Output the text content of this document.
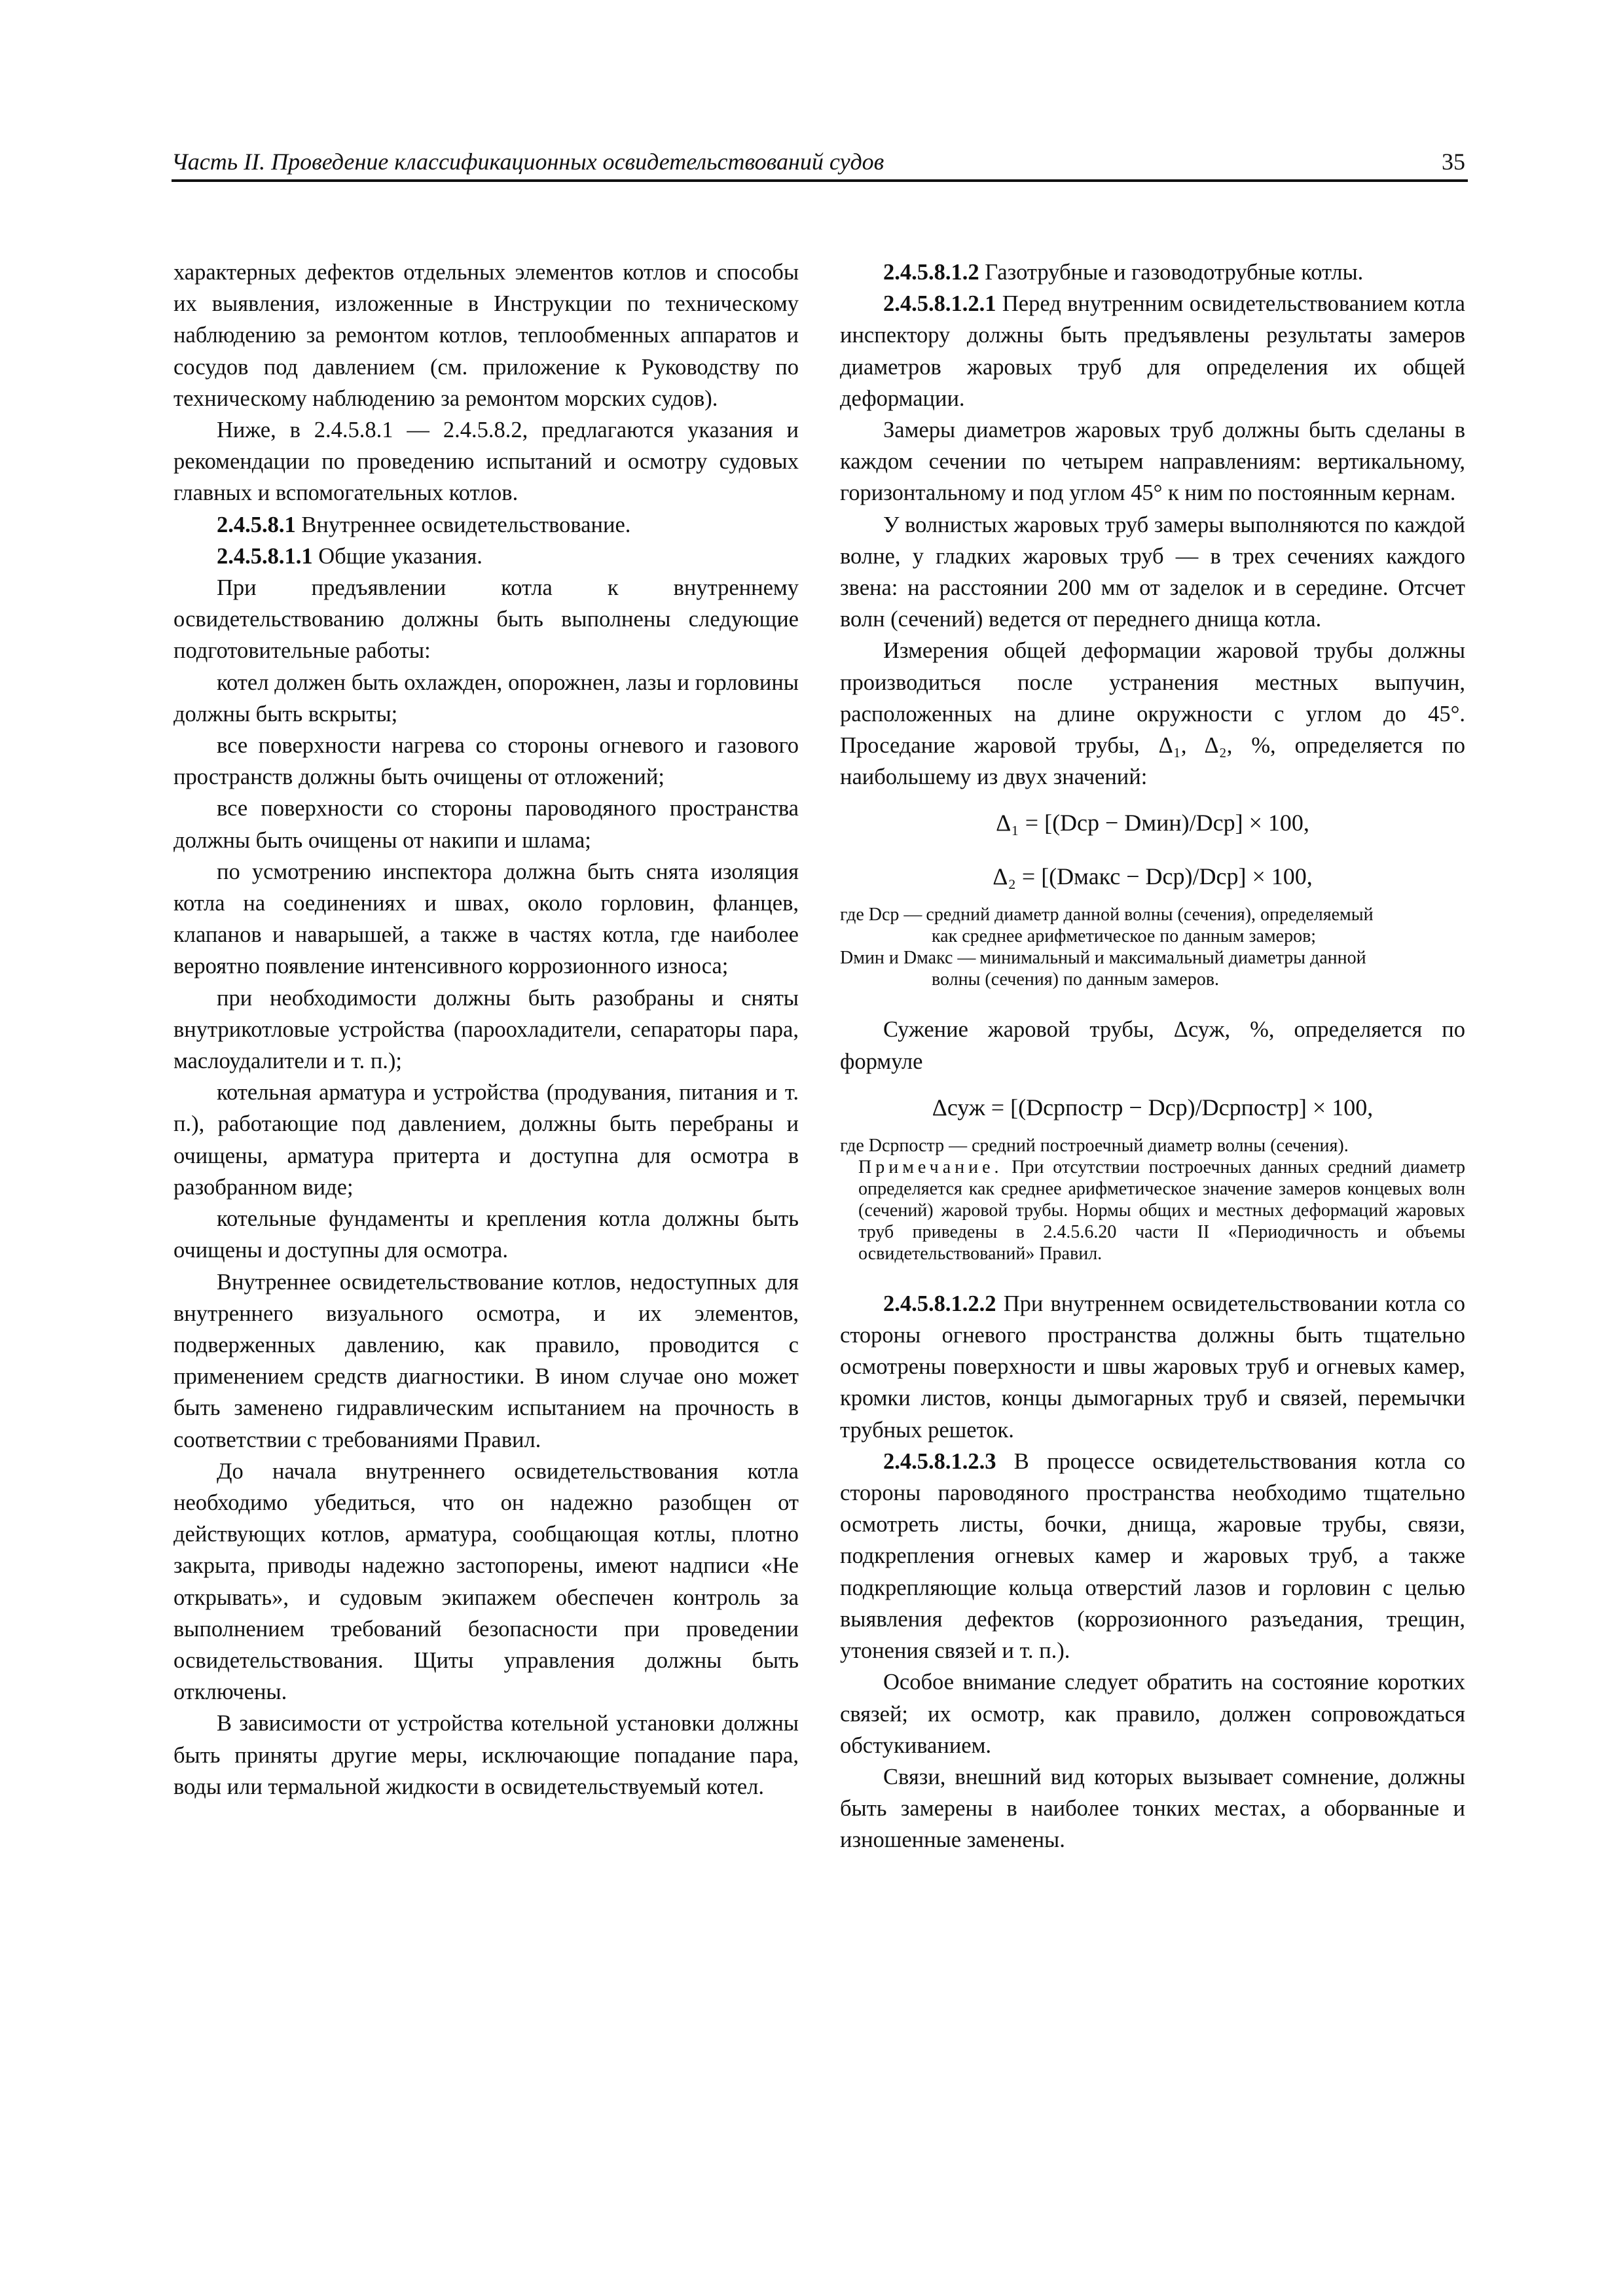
Часть II. Проведение классификационных освидетельствований судов	35

характерных дефектов отдельных элементов котлов и способы их выявления, изложенные в Инструкции по техническому наблюдению за ремонтом котлов, теплообменных аппаратов и сосудов под давлением (см. приложение к Руководству по техническому наблюдению за ремонтом морских судов).

Ниже, в 2.4.5.8.1 — 2.4.5.8.2, предлагаются указания и рекомендации по проведению испытаний и осмотру судовых главных и вспомогательных котлов.

2.4.5.8.1 Внутреннее освидетельствование.

2.4.5.8.1.1 Общие указания.

При предъявлении котла к внутреннему освидетельствованию должны быть выполнены следующие подготовительные работы:

котел должен быть охлажден, опорожнен, лазы и горловины должны быть вскрыты;

все поверхности нагрева со стороны огневого и газового пространств должны быть очищены от отложений;

все поверхности со стороны пароводяного пространства должны быть очищены от накипи и шлама;

по усмотрению инспектора должна быть снята изоляция котла на соединениях и швах, около горловин, фланцев, клапанов и наварышей, а также в частях котла, где наиболее вероятно появление интенсивного коррозионного износа;

при необходимости должны быть разобраны и сняты внутрикотловые устройства (пароохладители, сепараторы пара, маслоудалители и т. п.);

котельная арматура и устройства (продувания, питания и т. п.), работающие под давлением, должны быть перебраны и очищены, арматура притерта и доступна для осмотра в разобранном виде;

котельные фундаменты и крепления котла должны быть очищены и доступны для осмотра.

Внутреннее освидетельствование котлов, недоступных для внутреннего визуального осмотра, и их элементов, подверженных давлению, как правило, проводится с применением средств диагностики. В ином случае оно может быть заменено гидравлическим испытанием на прочность в соответствии с требованиями Правил.

До начала внутреннего освидетельствования котла необходимо убедиться, что он надежно разобщен от действующих котлов, арматура, сообщающая котлы, плотно закрыта, приводы надежно застопорены, имеют надписи «Не открывать», и судовым экипажем обеспечен контроль за выполнением требований безопасности при проведении освидетельствования. Щиты управления должны быть отключены.

В зависимости от устройства котельной установки должны быть приняты другие меры, исключающие попадание пара, воды или термальной жидкости в освидетельствуемый котел.

2.4.5.8.1.2 Газотрубные и газоводотрубные котлы.

2.4.5.8.1.2.1 Перед внутренним освидетельствованием котла инспектору должны быть предъявлены результаты замеров диаметров жаровых труб для определения их общей деформации.

Замеры диаметров жаровых труб должны быть сделаны в каждом сечении по четырем направлениям: вертикальному, горизонтальному и под углом 45° к ним по постоянным кернам.

У волнистых жаровых труб замеры выполняются по каждой волне, у гладких жаровых труб — в трех сечениях каждого звена: на расстоянии 200 мм от заделок и в середине. Отсчет волн (сечений) ведется от переднего днища котла.

Измерения общей деформации жаровой трубы должны производиться после устранения местных выпучин, расположенных на длине окружности с углом до 45°. Проседание жаровой трубы, Δ₁, Δ₂, %, определяется по наибольшему из двух значений:

Δ₁ = [(Dср − Dмин)/Dср] × 100,
Δ₂ = [(Dмакс − Dср)/Dср] × 100,
где Dср — средний диаметр данной волны (сечения), определяемый
как среднее арифметическое по данным замеров;
Dмин и Dмакс — минимальный и максимальный диаметры данной
волны (сечения) по данным замеров.

Сужение жаровой трубы, Δсуж, %, определяется по формуле

Δсуж = [(Dсрпостр − Dср)/Dсрпостр] × 100,
где Dсрпостр — средний построечный диаметр волны (сечения).
Примечание. При отсутствии построечных данных средний диаметр определяется как среднее арифметическое значение замеров концевых волн (сечений) жаровой трубы. Нормы общих и местных деформаций жаровых труб приведены в 2.4.5.6.20 части II «Периодичность и объемы освидетельствований» Правил.

2.4.5.8.1.2.2 При внутреннем освидетельствовании котла со стороны огневого пространства должны быть тщательно осмотрены поверхности и швы жаровых труб и огневых камер, кромки листов, концы дымогарных труб и связей, перемычки трубных решеток.

2.4.5.8.1.2.3 В процессе освидетельствования котла со стороны пароводяного пространства необходимо тщательно осмотреть листы, бочки, днища, жаровые трубы, связи, подкрепления огневых камер и жаровых труб, а также подкрепляющие кольца отверстий лазов и горловин с целью выявления дефектов (коррозионного разъедания, трещин, утонения связей и т. п.).

Особое внимание следует обратить на состояние коротких связей; их осмотр, как правило, должен сопровождаться обстукиванием.

Связи, внешний вид которых вызывает сомнение, должны быть замерены в наиболее тонких местах, а оборванные и изношенные заменены.
